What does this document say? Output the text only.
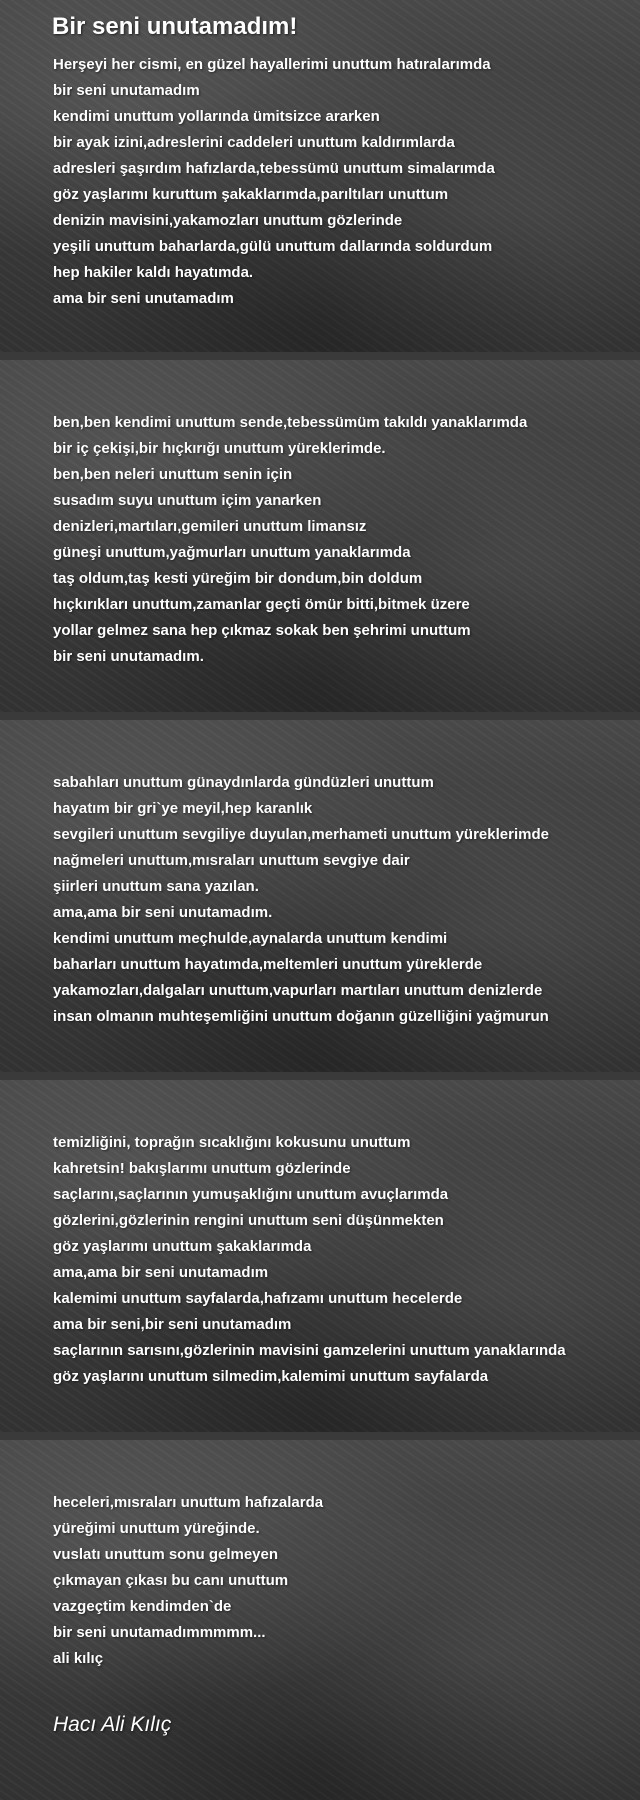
Bir seni unutamadım!
Herşeyi her cismi, en güzel hayallerimi unuttum hatıralarımda
bir seni unutamadım
kendimi unuttum yollarında ümitsizce ararken
bir ayak izini,adreslerini caddeleri unuttum kaldırımlarda
adresleri şaşırdım hafızlarda,tebessümü unuttum simalarımda
göz yaşlarımı kuruttum şakaklarımda,parıltıları unuttum
denizin mavisini,yakamozları unuttum gözlerinde
yeşili unuttum baharlarda,gülü unuttum dallarında soldurdum
hep hakiler kaldı hayatımda.
ama bir seni unutamadım
ben,ben kendimi unuttum sende,tebessümüm takıldı yanaklarımda
bir iç çekişi,bir hıçkırığı unuttum yüreklerimde.
ben,ben neleri unuttum senin için
susadım suyu unuttum içim yanarken
denizleri,martıları,gemileri unuttum limansız
güneşi unuttum,yağmurları unuttum yanaklarımda
taş oldum,taş kesti yüreğim bir dondum,bin doldum
hıçkırıkları unuttum,zamanlar geçti ömür bitti,bitmek üzere
yollar gelmez sana hep çıkmaz sokak ben şehrimi unuttum
bir seni unutamadım.
sabahları unuttum günaydınlarda gündüzleri unuttum
hayatım bir gri`ye meyil,hep karanlık
sevgileri unuttum sevgiliye duyulan,merhameti unuttum yüreklerimde
nağmeleri unuttum,mısraları unuttum sevgiye dair
şiirleri unuttum sana yazılan.
ama,ama bir seni unutamadım.
kendimi unuttum meçhulde,aynalarda unuttum kendimi
baharları unuttum hayatımda,meltemleri unuttum yüreklerde
yakamozları,dalgaları unuttum,vapurları martıları unuttum denizlerde
insan olmanın muhteşemliğini unuttum doğanın güzelliğini yağmurun
temizliğini, toprağın sıcaklığını kokusunu unuttum
kahretsin! bakışlarımı unuttum gözlerinde
saçlarını,saçlarının yumuşaklığını unuttum avuçlarımda
gözlerini,gözlerinin rengini unuttum seni düşünmekten
göz yaşlarımı unuttum şakaklarımda
ama,ama bir seni unutamadım
kalemimi unuttum sayfalarda,hafızamı unuttum hecelerde
ama bir seni,bir seni unutamadım
saçlarının sarısını,gözlerinin mavisini gamzelerini unuttum yanaklarında
göz yaşlarını unuttum silmedim,kalemimi unuttum sayfalarda
heceleri,mısraları unuttum hafızalarda
yüreğimi unuttum yüreğinde.
vuslatı unuttum sonu gelmeyen
çıkmayan çıkası bu canı unuttum
vazgeçtim kendimden`de
bir seni unutamadımmmmm...
ali kılıç

Hacı Ali Kılıç
